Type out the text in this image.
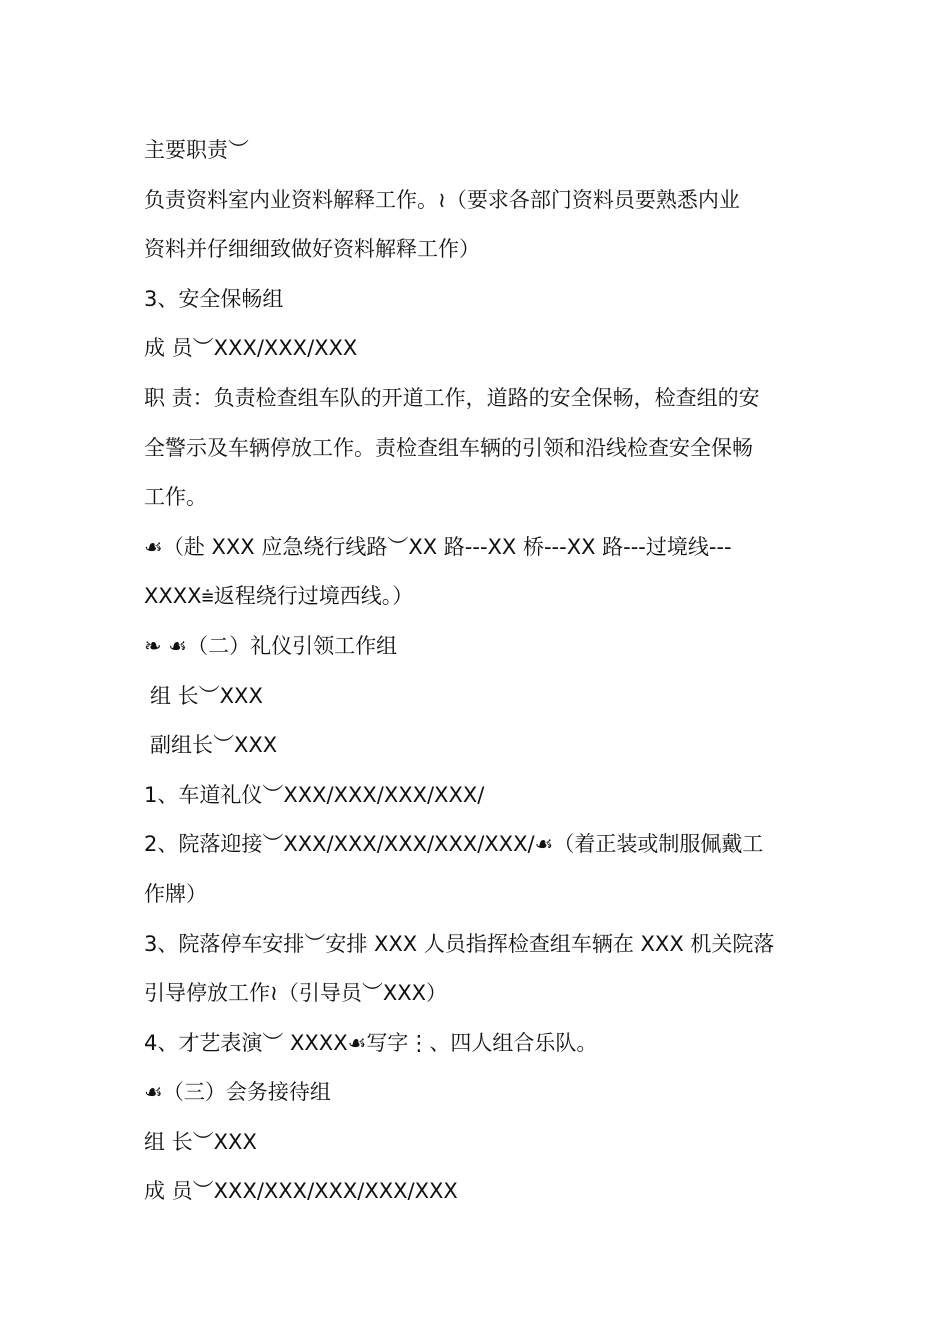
主要职责︶
负责资料室内业资料解释工作。≀（要求各部门资料员要熟悉内业
资料并仔细细致做好资料解释工作）
3、安全保畅组
成 员︶XXX/XXX/XXX
职 责：负责检查组车队的开道工作，道路的安全保畅，检查组的安
全警示及车辆停放工作。责检查组车辆的引领和沿线检查安全保畅
工作。
☙（赴 XXX 应急绕行线路︶XX 路---XX 桥---XX 路---过境线---
XXXX⩧返程绕行过境西线。）
❧ ☙（二）礼仪引领工作组
组 长︶XXX
副组长︶XXX
1、车道礼仪︶XXX/XXX/XXX/XXX/
2、院落迎接︶XXX/XXX/XXX/XXX/XXX/☙（着正装或制服佩戴工
作牌）
3、院落停车安排︶安排 XXX 人员指挥检查组车辆在 XXX 机关院落
引导停放工作≀（引导员︶XXX）
4、才艺表演︶ XXXX☙写字⋮、四人组合乐队。
☙（三）会务接待组
组 长︶XXX
成 员︶XXX/XXX/XXX/XXX/XXX
